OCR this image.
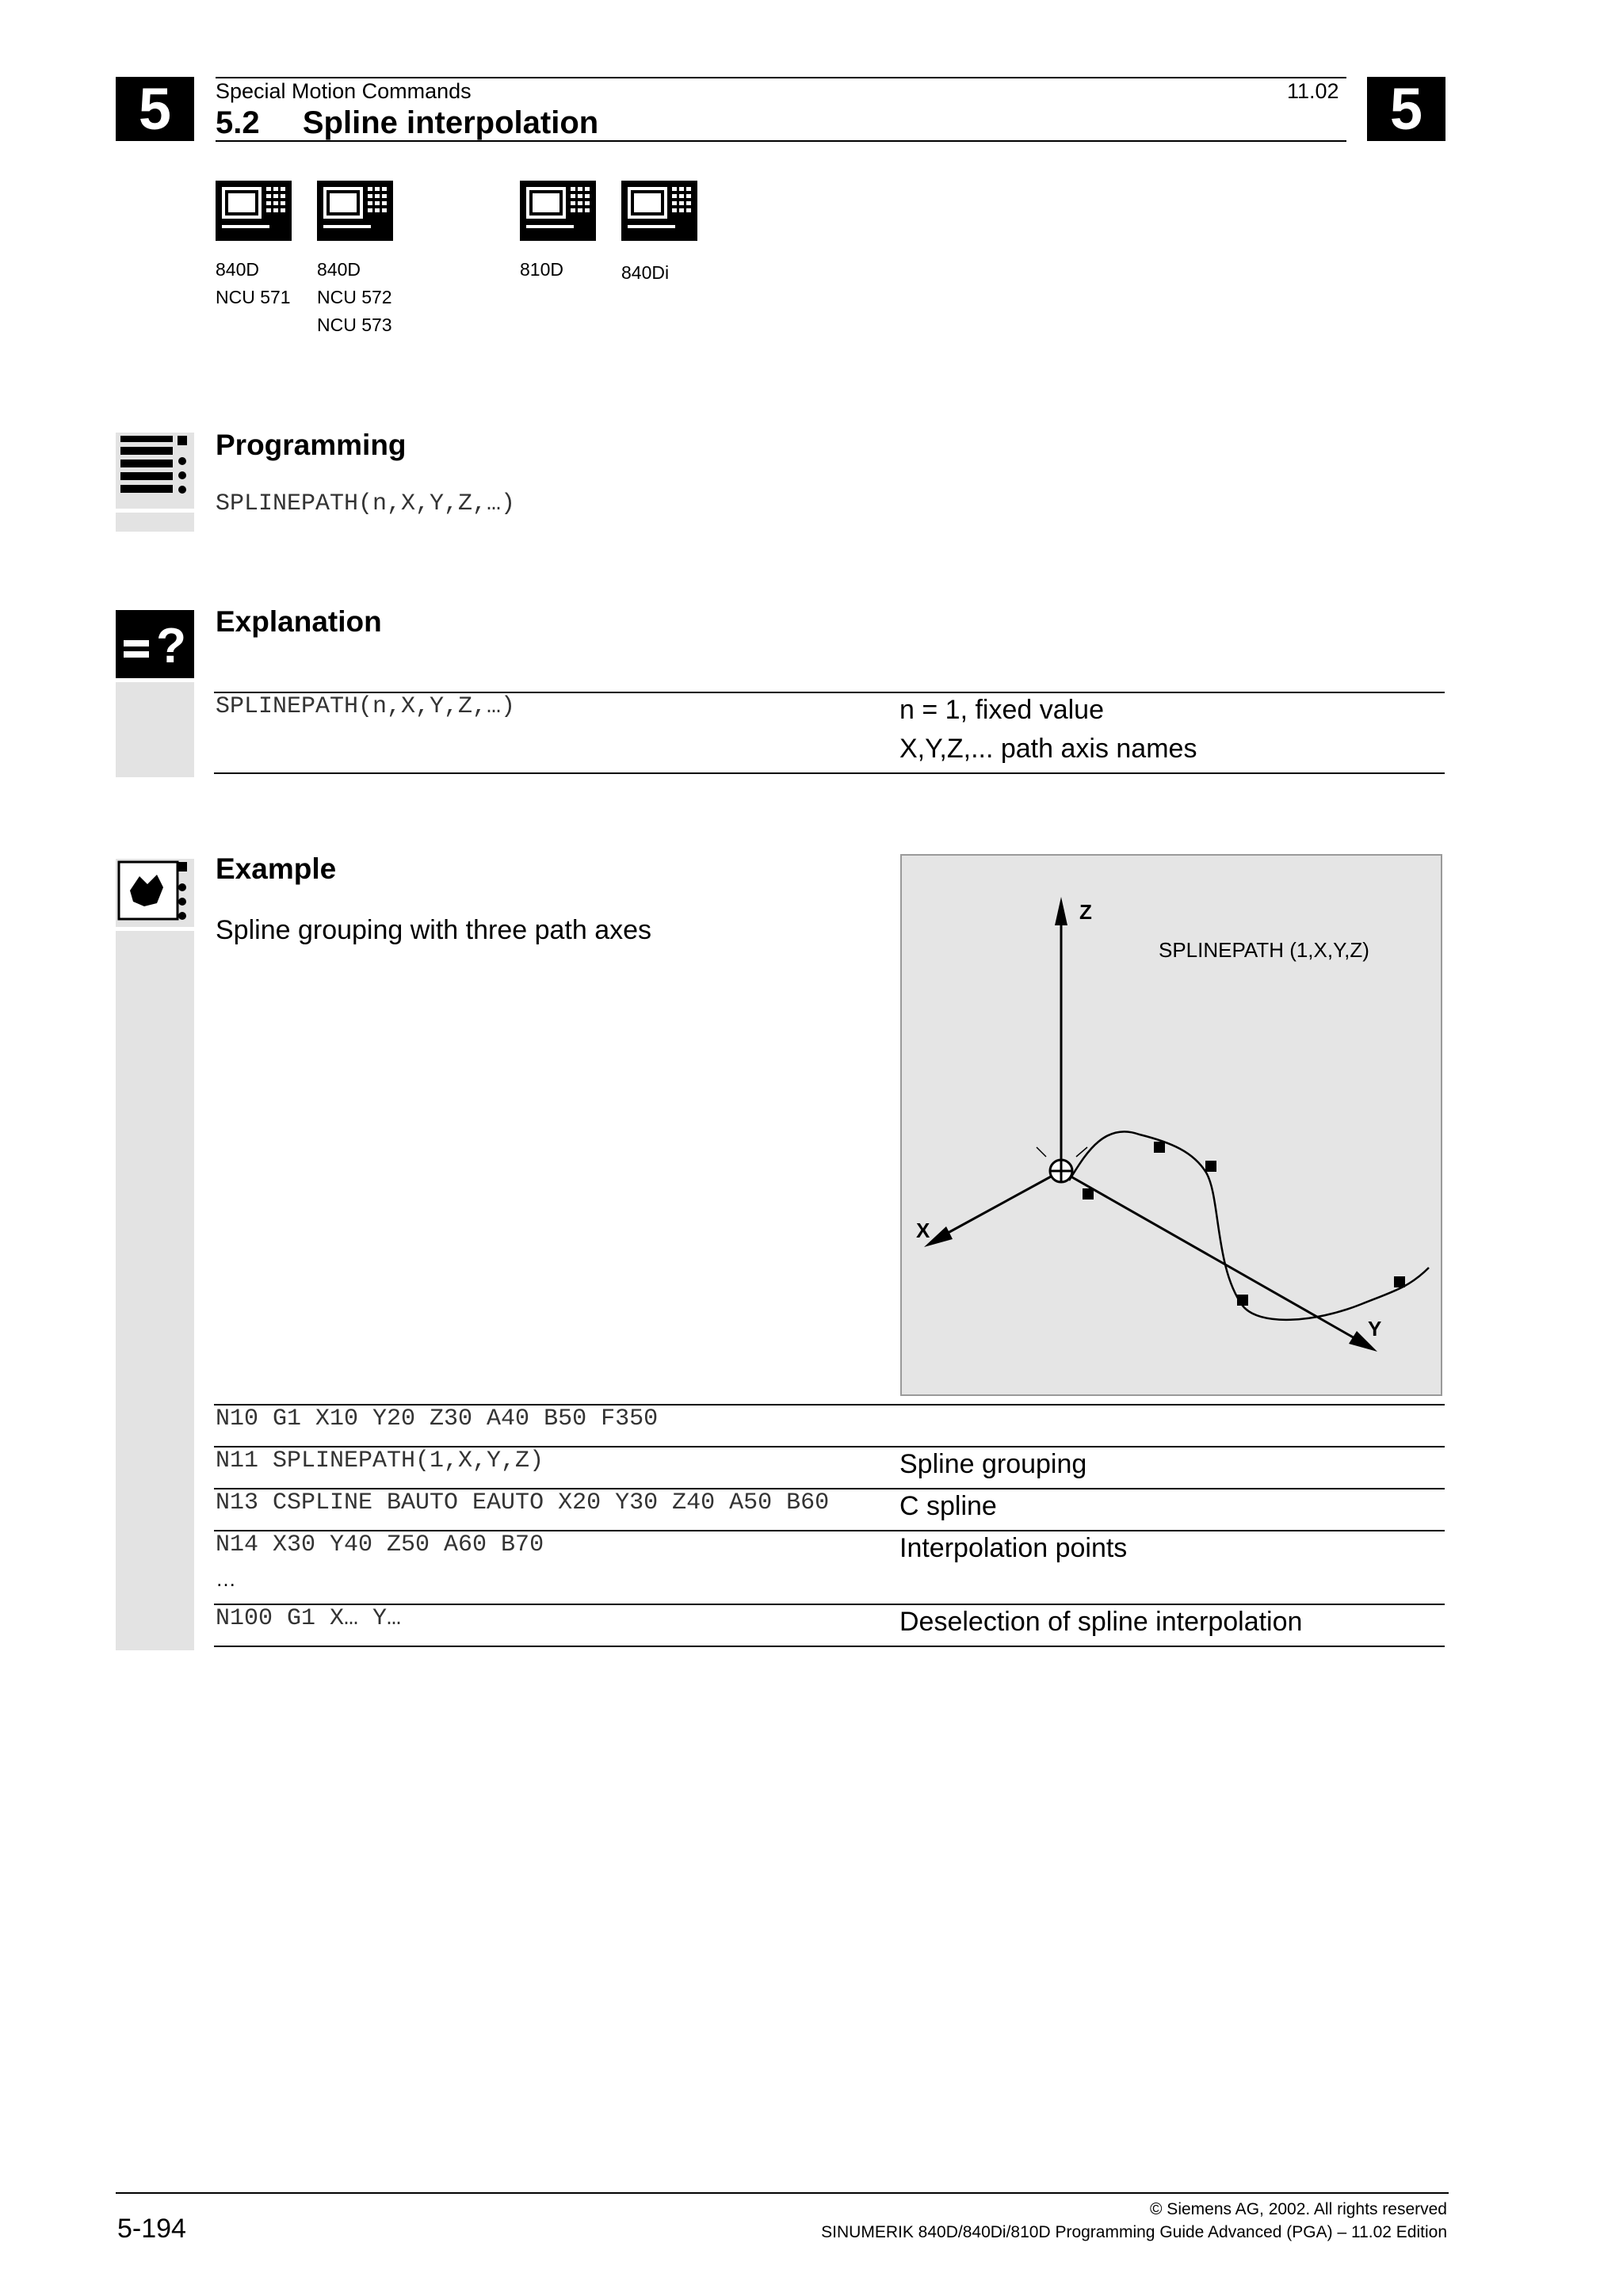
5	5
Special Motion Commands	11.02
5.2 Spline interpolation
840D
NCU 571
840D
NCU 572
NCU 573
810D	840Di
Programming
SPLINEPATH(n,X,Y,Z,…)
? Explanation
SPLINEPATH(n,X,Y,Z,…)	n = 1, fixed value
X,Y,Z,... path axis names
Example
Spline grouping with three path axes
Z
X
Y
SPLINEPATH (1,X,Y,Z)
N10 G1 X10 Y20 Z30 A40 B50 F350
N11 SPLINEPATH(1,X,Y,Z)	Spline grouping
N13 CSPLINE BAUTO EAUTO X20 Y30 Z40 A50 B60	C spline
N14 X30 Y40 Z50 A60 B70	Interpolation points
…
N100 G1 X… Y…	Deselection of spline interpolation
5-194
© Siemens AG, 2002. All rights reserved
SINUMERIK 840D/840Di/810D Programming Guide Advanced (PGA) – 11.02 Edition
